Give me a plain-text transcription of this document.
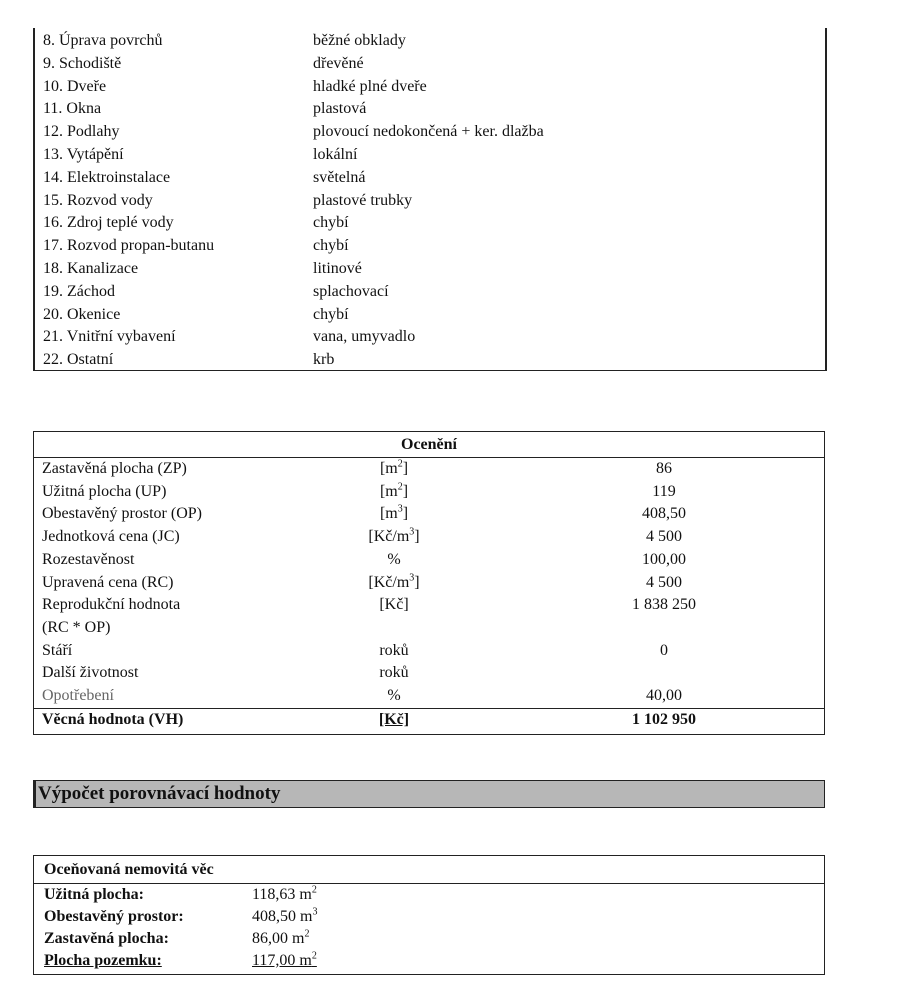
8. Úprava povrchů	běžné obklady
9. Schodiště	dřevěné
10. Dveře	hladké plné dveře
11. Okna	plastová
12. Podlahy	plovoucí nedokončená + ker. dlažba
13. Vytápění	lokální
14. Elektroinstalace	světelná
15. Rozvod vody	plastové trubky
16. Zdroj teplé vody	chybí
17. Rozvod propan-butanu	chybí
18. Kanalizace	litinové
19. Záchod	splachovací
20. Okenice	chybí
21. Vnitřní vybavení	vana, umyvadlo
22. Ostatní	krb
Ocenění
Zastavěná plocha (ZP)	$[m^2]$	86
Užitná plocha (UP)	$[m^2]$	119
Obestavěný prostor (OP)	$[m^3]$	408,50
Jednotková cena (JC)	$[Kč/m^3]$	4 500
Rozestavěnost	%	100,00
Upravená cena (RC)	$[Kč/m^3]$	4 500
Reprodukční hodnota	[Kč]	1 838 250
(RC * OP)
Stáří	roků	0
Další životnost	roků
Opotřebení	%	40,00
Věcná hodnota (VH)	[Kč]	1 102 950
Výpočet porovnávací hodnoty
Oceňovaná nemovitá věc
Užitná plocha:	118,63 $m^2$
Obestavěný prostor:	408,50 $m^3$
Zastavěná plocha:	86,00 $m^2$
Plocha pozemku:	117,00 $m^2$
